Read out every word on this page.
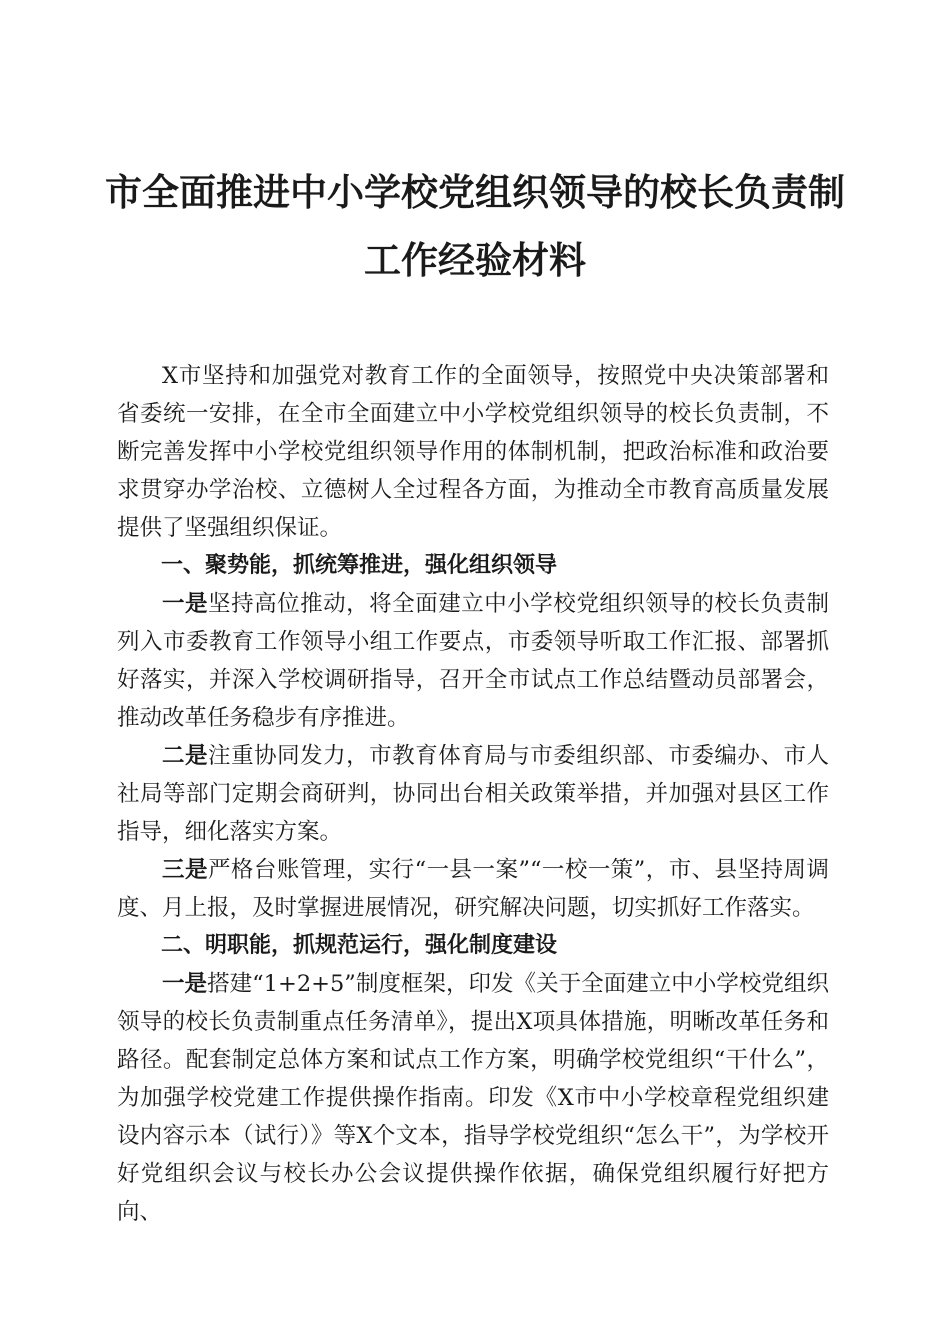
市全面推进中小学校党组织领导的校长负责制
工作经验材料

X市坚持和加强党对教育工作的全面领导，按照党中央决策部署和省委统一安排，在全市全面建立中小学校党组织领导的校长负责制，不断完善发挥中小学校党组织领导作用的体制机制，把政治标准和政治要求贯穿办学治校、立德树人全过程各方面，为推动全市教育高质量发展提供了坚强组织保证。

一、聚势能，抓统筹推进，强化组织领导

一是坚持高位推动，将全面建立中小学校党组织领导的校长负责制列入市委教育工作领导小组工作要点，市委领导听取工作汇报、部署抓好落实，并深入学校调研指导，召开全市试点工作总结暨动员部署会，推动改革任务稳步有序推进。

二是注重协同发力，市教育体育局与市委组织部、市委编办、市人社局等部门定期会商研判，协同出台相关政策举措，并加强对县区工作指导，细化落实方案。

三是严格台账管理，实行“一县一案”“一校一策”，市、县坚持周调度、月上报，及时掌握进展情况，研究解决问题，切实抓好工作落实。

二、明职能，抓规范运行，强化制度建设

一是搭建“1+2+5”制度框架，印发《关于全面建立中小学校党组织领导的校长负责制重点任务清单》，提出X项具体措施，明晰改革任务和路径。配套制定总体方案和试点工作方案，明确学校党组织“干什么”，为加强学校党建工作提供操作指南。印发《X市中小学校章程党组织建设内容示本（试行）》等X个文本，指导学校党组织“怎么干”，为学校开好党组织会议与校长办公会议提供操作依据，确保党组织履行好把方向、
